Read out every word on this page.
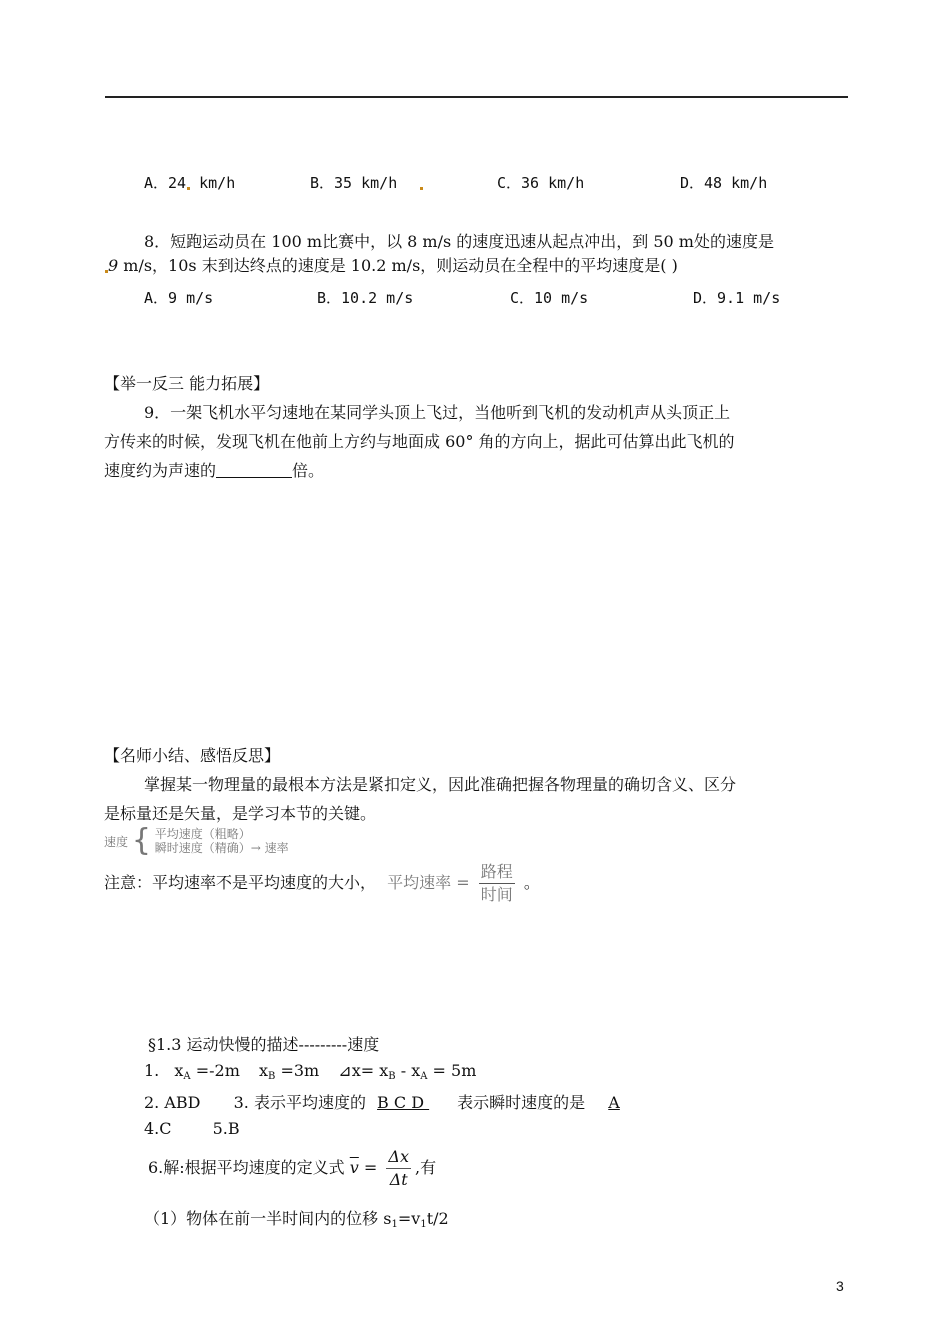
A．24 km/h	B．35 km/h	C．36 km/h	D．48 km/h
8．短跑运动员在 100 m比赛中，以 8 m/s 的速度迅速从起点冲出，到 50 m处的速度是
9 m/s，10s 末到达终点的速度是 10.2 m/s，则运动员在全程中的平均速度是( )
A．9 m/s	B．10.2 m/s	C．10 m/s	D．9.1 m/s
【举一反三 能力拓展】
9．一架飞机水平匀速地在某同学头顶上飞过，当他听到飞机的发动机声从头顶正上
方传来的时候，发现飞机在他前上方约与地面成 60° 角的方向上，据此可估算出此飞机的
速度约为声速的	倍。
【名师小结、感悟反思】
掌握某一物理量的最根本方法是紧扣定义，因此准确把握各物理量的确切含义、区分
是标量还是矢量，是学习本节的关键。
速度 { 平均速度（粗略）
瞬时速度（精确）→ 速率
注意：平均速率不是平均速度的大小， 平均速率 = $\frac{\text{路程}}{\text{时间}}$ 。
§1.3 运动快慢的描述---------速度
1. $x_A =-2m$ $x_B =3m$ ⊿x= $x_B - x_A = 5m$
2. ABD 3. 表示平均速度的 B C D 表示瞬时速度的是 A
4.C	5.B
6.解:根据平均速度的定义式 $\overline{v} = \frac{\Delta x}{\Delta t}$ ,有
（1）物体在前一半时间内的位移 $s_1=v_1t/2$
3
